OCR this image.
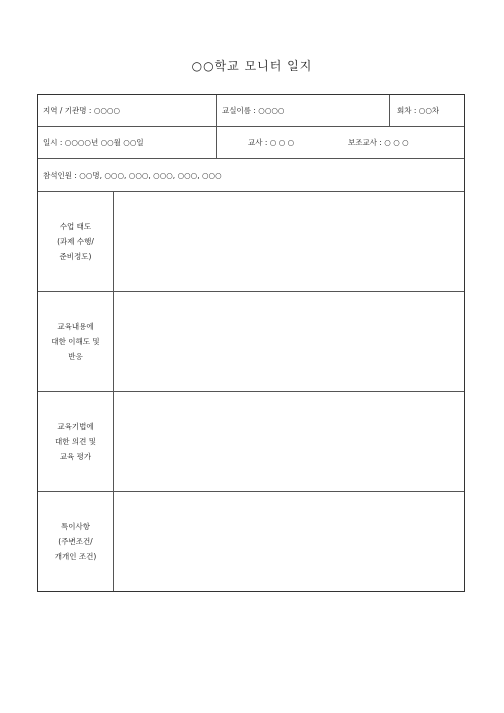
○○학교 모니터 일지
지역 / 기관명 : ○○○○	교실이름 : ○○○○	회차 : ○○차
일시 : ○○○○년 ○○월 ○○일	교사 : ○ ○ ○	보조교사 : ○ ○ ○
참석인원 : ○○명, ○○○, ○○○, ○○○, ○○○, ○○○
수업 태도
(과제 수행/
준비정도)
교육내용에
대한 이해도 및
반응
교육기법에
대한 의견 및
교육 평가
특이사항
(주변조건/
개개인 조건)
